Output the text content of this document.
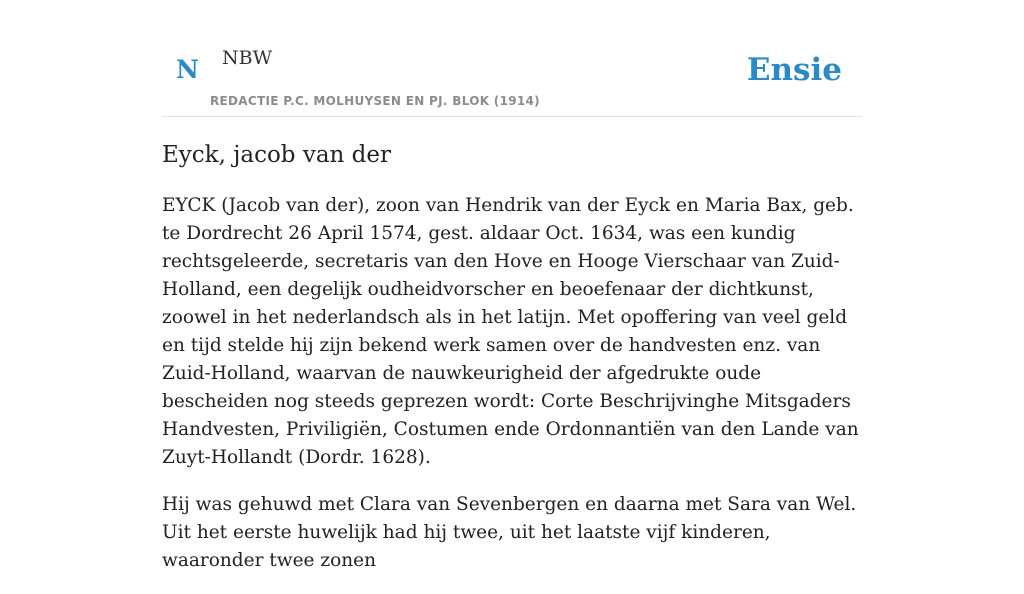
N NBW
REDACTIE P.C. MOLHUYSEN EN PJ. BLOK (1914)
Ensie
Eyck, jacob van der

EYCK (Jacob van der), zoon van Hendrik van der Eyck en Maria Bax, geb. te Dordrecht 26 April 1574, gest. aldaar Oct. 1634, was een kundig rechtsgeleerde, secretaris van den Hove en Hooge Vierschaar van Zuid-Holland, een degelijk oudheidvorscher en beoefenaar der dichtkunst, zoowel in het nederlandsch als in het latijn. Met opoffering van veel geld en tijd stelde hij zijn bekend werk samen over de handvesten enz. van Zuid-Holland, waarvan de nauwkeurigheid der afgedrukte oude bescheiden nog steeds geprezen wordt: Corte Beschrijvinghe Mitsgaders Handvesten, Priviligiën, Costumen ende Ordonnantiën van den Lande van Zuyt-Hollandt (Dordr. 1628).

Hij was gehuwd met Clara van Sevenbergen en daarna met Sara van Wel. Uit het eerste huwelijk had hij twee, uit het laatste vijf kinderen, waaronder twee zonen
